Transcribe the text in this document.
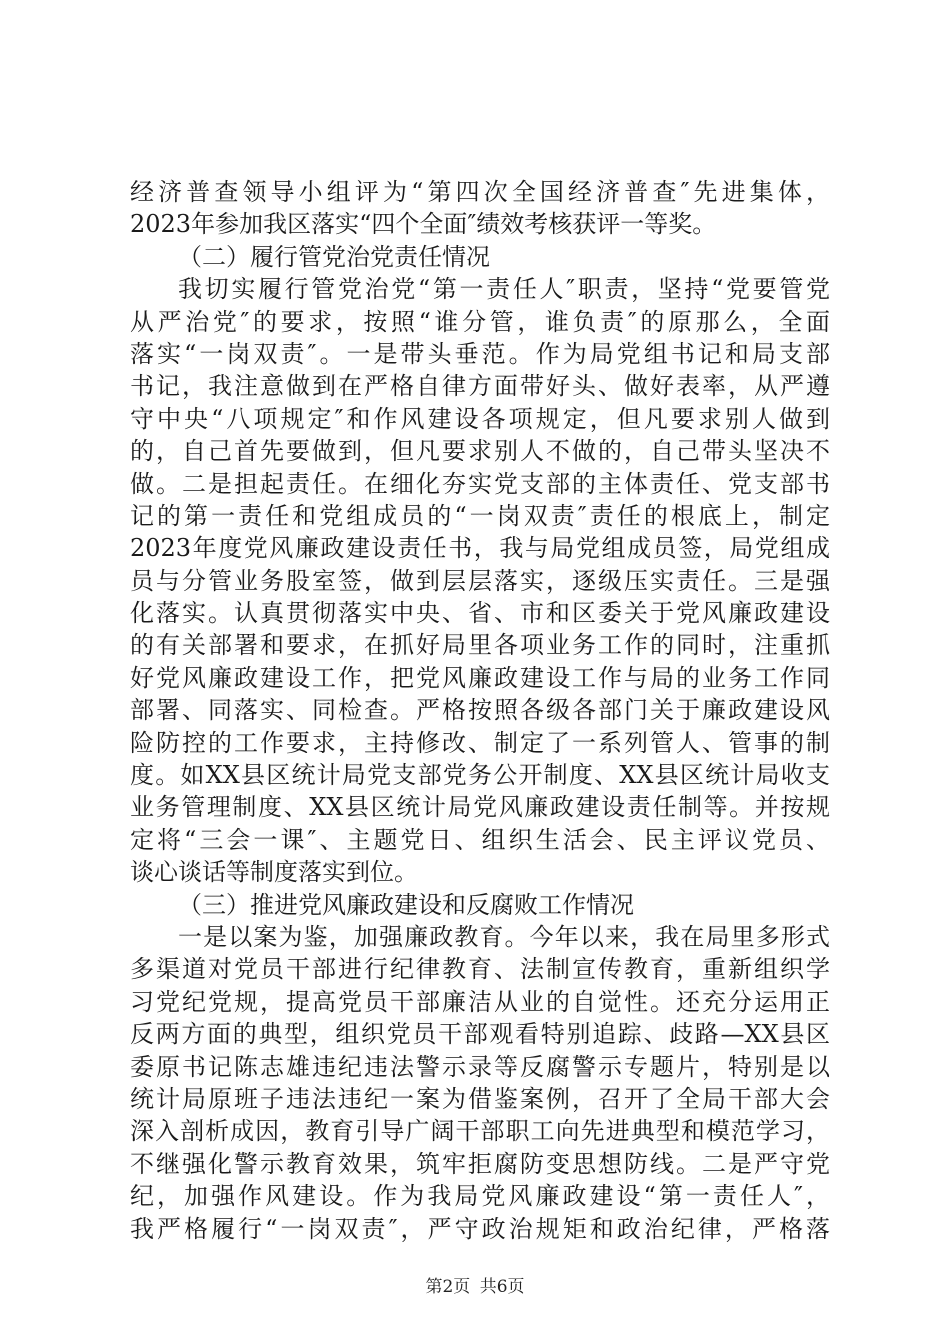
经济普查领导小组评为“第四次全国经济普查″先进集体，
2023年参加我区落实“四个全面″绩效考核获评一等奖。
（二）履行管党治党责任情况
我切实履行管党治党“第一责任人″职责，坚持“党要管党
从严治党″的要求，按照“谁分管，谁负责″的原那么，全面
落实“一岗双责″。一是带头垂范。作为局党组书记和局支部
书记，我注意做到在严格自律方面带好头、做好表率，从严遵
守中央“八项规定″和作风建设各项规定，但凡要求别人做到
的，自己首先要做到，但凡要求别人不做的，自己带头坚决不
做。二是担起责任。在细化夯实党支部的主体责任、党支部书
记的第一责任和党组成员的“一岗双责″责任的根底上，制定
2023年度党风廉政建设责任书，我与局党组成员签，局党组成
员与分管业务股室签，做到层层落实，逐级压实责任。三是强
化落实。认真贯彻落实中央、省、市和区委关于党风廉政建设
的有关部署和要求，在抓好局里各项业务工作的同时，注重抓
好党风廉政建设工作，把党风廉政建设工作与局的业务工作同
部署、同落实、同检查。严格按照各级各部门关于廉政建设风
险防控的工作要求，主持修改、制定了一系列管人、管事的制
度。如XX县区统计局党支部党务公开制度、XX县区统计局收支
业务管理制度、XX县区统计局党风廉政建设责任制等。并按规
定将“三会一课″、主题党日、组织生活会、民主评议党员、
谈心谈话等制度落实到位。
（三）推进党风廉政建设和反腐败工作情况
一是以案为鉴，加强廉政教育。今年以来，我在局里多形式
多渠道对党员干部进行纪律教育、法制宣传教育，重新组织学
习党纪党规，提高党员干部廉洁从业的自觉性。还充分运用正
反两方面的典型，组织党员干部观看特别追踪、歧路—XX县区
委原书记陈志雄违纪违法警示录等反腐警示专题片，特别是以
统计局原班子违法违纪一案为借鉴案例，召开了全局干部大会
深入剖析成因，教育引导广阔干部职工向先进典型和模范学习，
不继强化警示教育效果，筑牢拒腐防变思想防线。二是严守党
纪，加强作风建设。作为我局党风廉政建设“第一责任人″，
我严格履行“一岗双责″，严守政治规矩和政治纪律，严格落
第2页 共6页
